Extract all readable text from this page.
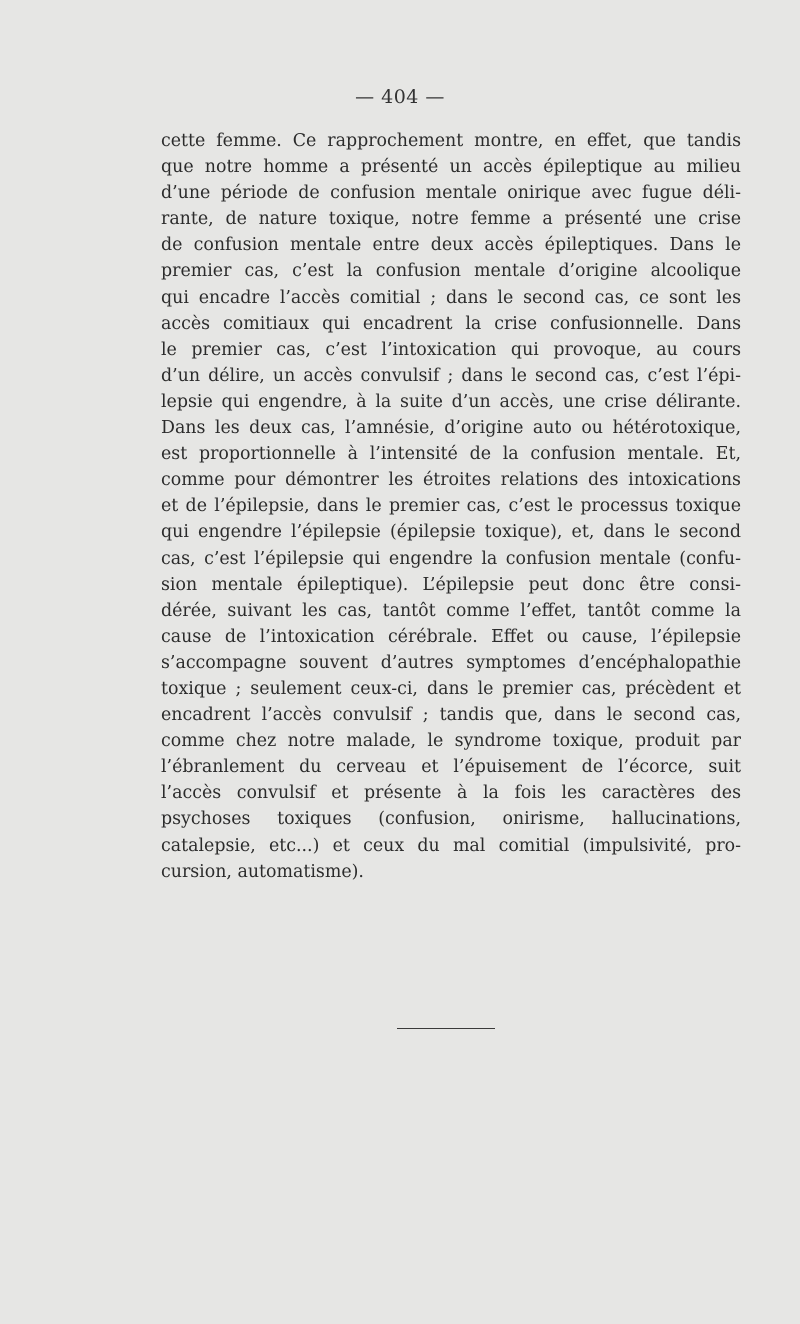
— 404 —
cette femme. Ce rapprochement montre, en effet, que tandis
que notre homme a présenté un accès épileptique au milieu
d’une période de confusion mentale onirique avec fugue déli-
rante, de nature toxique, notre femme a présenté une crise
de confusion mentale entre deux accès épileptiques. Dans le
premier cas, c’est la confusion mentale d’origine alcoolique
qui encadre l’accès comitial ; dans le second cas, ce sont les
accès comitiaux qui encadrent la crise confusionnelle. Dans
le premier cas, c’est l’intoxication qui provoque, au cours
d’un délire, un accès convulsif ; dans le second cas, c’est l’épi-
lepsie qui engendre, à la suite d’un accès, une crise délirante.
Dans les deux cas, l’amnésie, d’origine auto ou hétérotoxique,
est proportionnelle à l’intensité de la confusion mentale. Et,
comme pour démontrer les étroites relations des intoxications
et de l’épilepsie, dans le premier cas, c’est le processus toxique
qui engendre l’épilepsie (épilepsie toxique), et, dans le second
cas, c’est l’épilepsie qui engendre la confusion mentale (confu-
sion mentale épileptique). L’épilepsie peut donc être consi-
dérée, suivant les cas, tantôt comme l’effet, tantôt comme la
cause de l’intoxication cérébrale. Effet ou cause, l’épilepsie
s’accompagne souvent d’autres symptomes d’encéphalopathie
toxique ; seulement ceux-ci, dans le premier cas, précèdent et
encadrent l’accès convulsif ; tandis que, dans le second cas,
comme chez notre malade, le syndrome toxique, produit par
l’ébranlement du cerveau et l’épuisement de l’écorce, suit
l’accès convulsif et présente à la fois les caractères des
psychoses toxiques (confusion, onirisme, hallucinations,
catalepsie, etc...) et ceux du mal comitial (impulsivité, pro-
cursion, automatisme).
